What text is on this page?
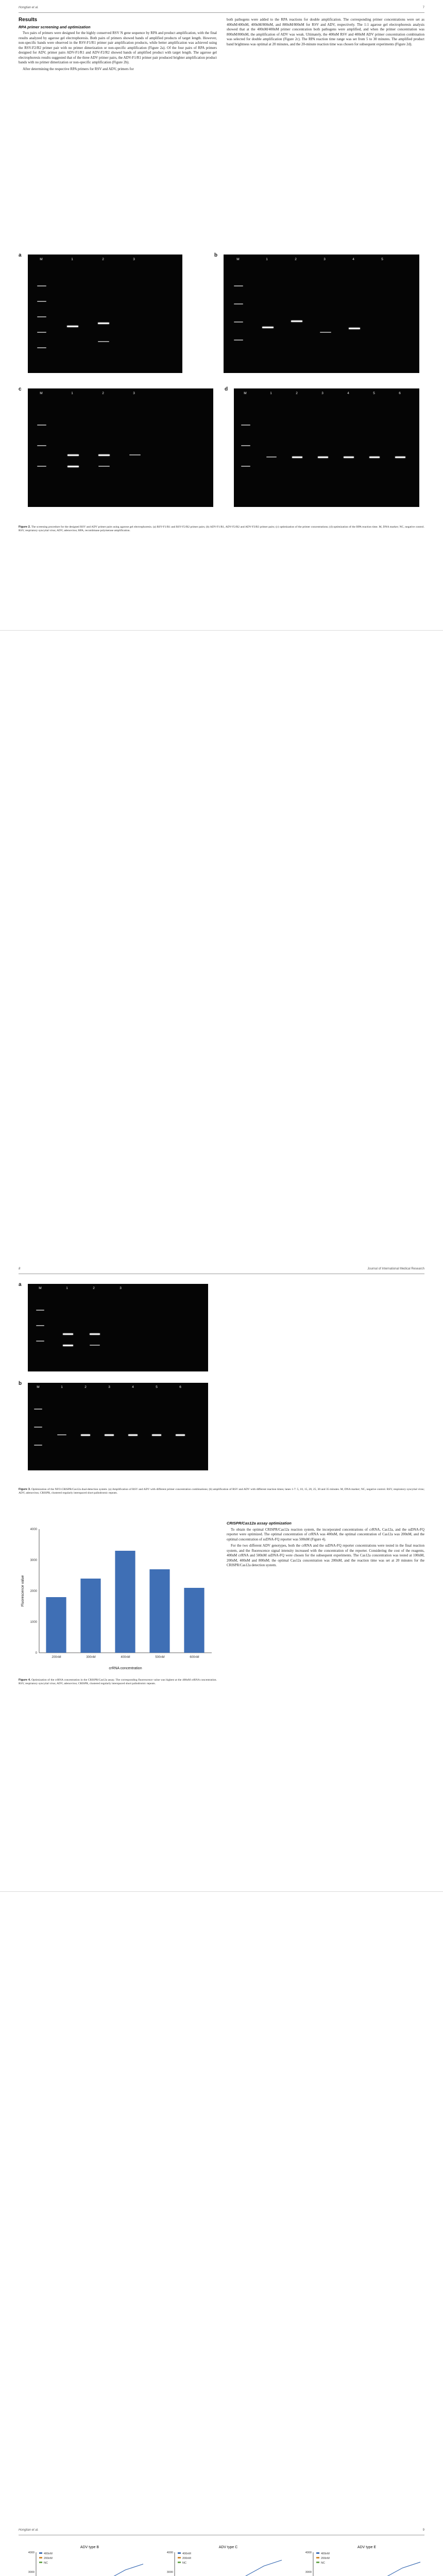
Hongtian et al.	7
Results
RPA primer screening and optimization

Two pairs of primers were designed for the highly conserved RSV N gene sequence by RPA and product amplification, with the final results analyzed by agarose gel electrophoresis. Both pairs of primers showed bands of amplified products of target length. However, non-specific bands were observed in the RSV-F1/R1 primer pair amplification products, while better amplification was achieved using the RSV-F2/R2 primer pair with no primer dimerization or non-specific amplification (Figure 2a). Of the four pairs of RPA primers designed for ADV, primer pairs ADV-F1/R1 and ADV-F2/R2 showed bands of amplified product with target length. The agarose gel electrophoresis results suggested that of the three ADV primer pairs, the ADV-F1/R1 primer pair produced brighter amplification product bands with no primer dimerization or non-specific amplification (Figure 2b).

After determining the respective RPA primers for RSV and ADV, primers for

both pathogens were added to the RPA reactions for double amplification. The corresponding primer concentrations were set as 400nM/400nM, 400nM/800nM, and 800nM/800nM for RSV and ADV, respectively. The 1:1 agarose gel electrophoresis analysis showed that at the 400nM/400nM primer concentration both pathogens were amplified, and when the primer concentration was 800nM/800nM, the amplification of ADV was weak. Ultimately, the 400nM RSV and 400nM ADV primer concentration combination was selected for double amplification (Figure 2c). The RPA reaction time range was set from 5 to 30 minutes. The amplified product band brightness was optimal at 20 minutes, and the 20-minute reaction time was chosen for subsequent experiments (Figure 2d).

a
M	1	2	3
b
M	1	2	3	4	5
c
M	1	2	3
d
M	1	2	3	4	5	6
Figure 2. The screening procedure for the designed RSV and ADV primer pairs using agarose gel electrophoresis. (a) RSV-F1/R1 and RSV-F2/R2 primer pairs; (b) ADV-F1/R1, ADV-F2/R2 and ADV-F3/R3 primer pairs; (c) optimization of the primer concentrations; (d) optimization of the RPA reaction time. M, DNA marker; NC, negative control. RSV, respiratory syncytial virus; ADV, adenovirus; RPA, recombinase polymerase amplification.
8	Journal of International Medical Research
a
M	1	2	3
b
M	1	2	3	4	5	6
Figure 3. Optimization of the NFO-CRISPR/Cas12a dual-detection system. (a) Amplification of RSV and ADV with different primer concentration combinations; (b) amplification of RSV and ADV with different reaction times; lanes 1-7: 5, 10, 15, 20, 25, 30 and 35 minutes. M, DNA marker; NC, negative control. RSV, respiratory syncytial virus; ADV, adenovirus; CRISPR, clustered regularly interspaced short palindromic repeats.
0
1000
2000
3000
4000
200nM	300nM	400nM	500nM	600nM
crRNA concentration
Fluorescence value
Figure 4. Optimization of the crRNA concentration in the CRISPR/Cas12a assay. The corresponding fluorescence value was highest at the 400nM crRNA concentration. RSV, respiratory syncytial virus; ADV, adenovirus; CRISPR, clustered regularly interspaced short palindromic repeats.
CRISPR/Cas12a assay optimization

To obtain the optimal CRISPR/Cas12a reaction system, the incorporated concentrations of crRNA, Cas12a, and the ssDNA-FQ reporter were optimized. The optimal concentration of crRNA was 400nM, the optimal concentration of Cas12a was 200nM, and the optimal concentration of ssDNA-FQ reporter was 500nM (Figure 4).

For the two different ADV genotypes, both the crRNA and the ssDNA-FQ reporter concentrations were tested in the final reaction system, and the fluorescence signal intensity increased with the concentration of the reporter. Considering the cost of the reagents, 400nM crRNA and 500nM ssDNA-FQ were chosen for the subsequent experiments. The Cas12a concentration was tested at 100nM, 200nM, 400nM and 800nM; the optimal Cas12a concentration was 200nM, and the reaction time was set at 20 minutes for the CRISPR/Cas12a detection system.

Hongtian et al.	9
3000
4000	400nM
200nM
NC
ADV type B
3000
4000	400nM
200nM
NC
ADV type C
3000
4000	400nM
200nM
NC
ADV type E
